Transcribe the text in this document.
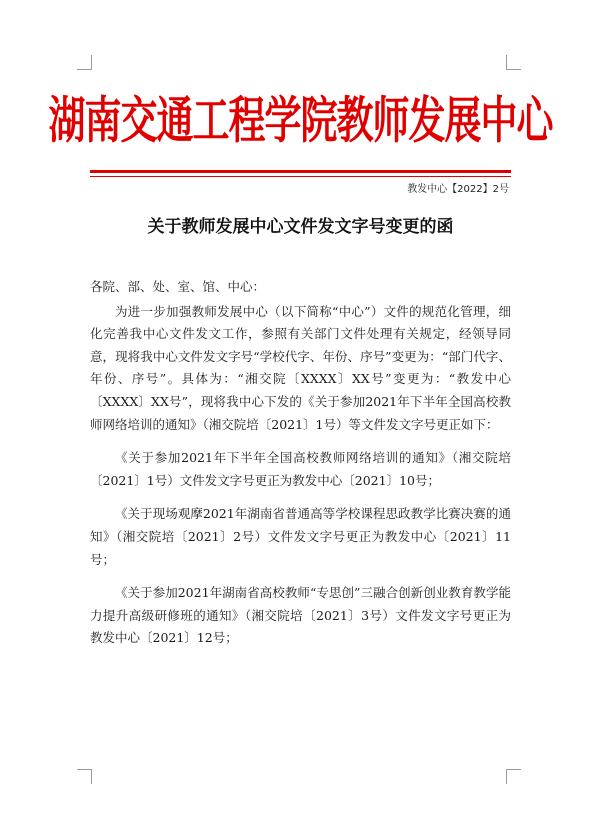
湖南交通工程学院教师发展中心
教发中心【2022】2号
关于教师发展中心文件发文字号变更的函

各院、部、处、室、馆、中心：

为进一步加强教师发展中心（以下简称“中心”）文件的规范化管理，细化完善我中心文件发文工作，参照有关部门文件处理有关规定，经领导同意，现将我中心文件发文字号“学校代字、年份、序号”变更为：“部门代字、年份、序号”。具体为：“湘交院〔XXXX〕XX号”变更为：“教发中心〔XXXX〕XX号”，现将我中心下发的《关于参加2021年下半年全国高校教师网络培训的通知》（湘交院培〔2021〕1号）等文件发文字号更正如下：

《关于参加2021年下半年全国高校教师网络培训的通知》（湘交院培〔2021〕1号）文件发文字号更正为教发中心〔2021〕10号；

《关于现场观摩2021年湖南省普通高等学校课程思政教学比赛决赛的通知》（湘交院培〔2021〕2号）文件发文字号更正为教发中心〔2021〕11号；

《关于参加2021年湖南省高校教师“专思创”三融合创新创业教育教学能力提升高级研修班的通知》（湘交院培〔2021〕3号）文件发文字号更正为教发中心〔2021〕12号；
